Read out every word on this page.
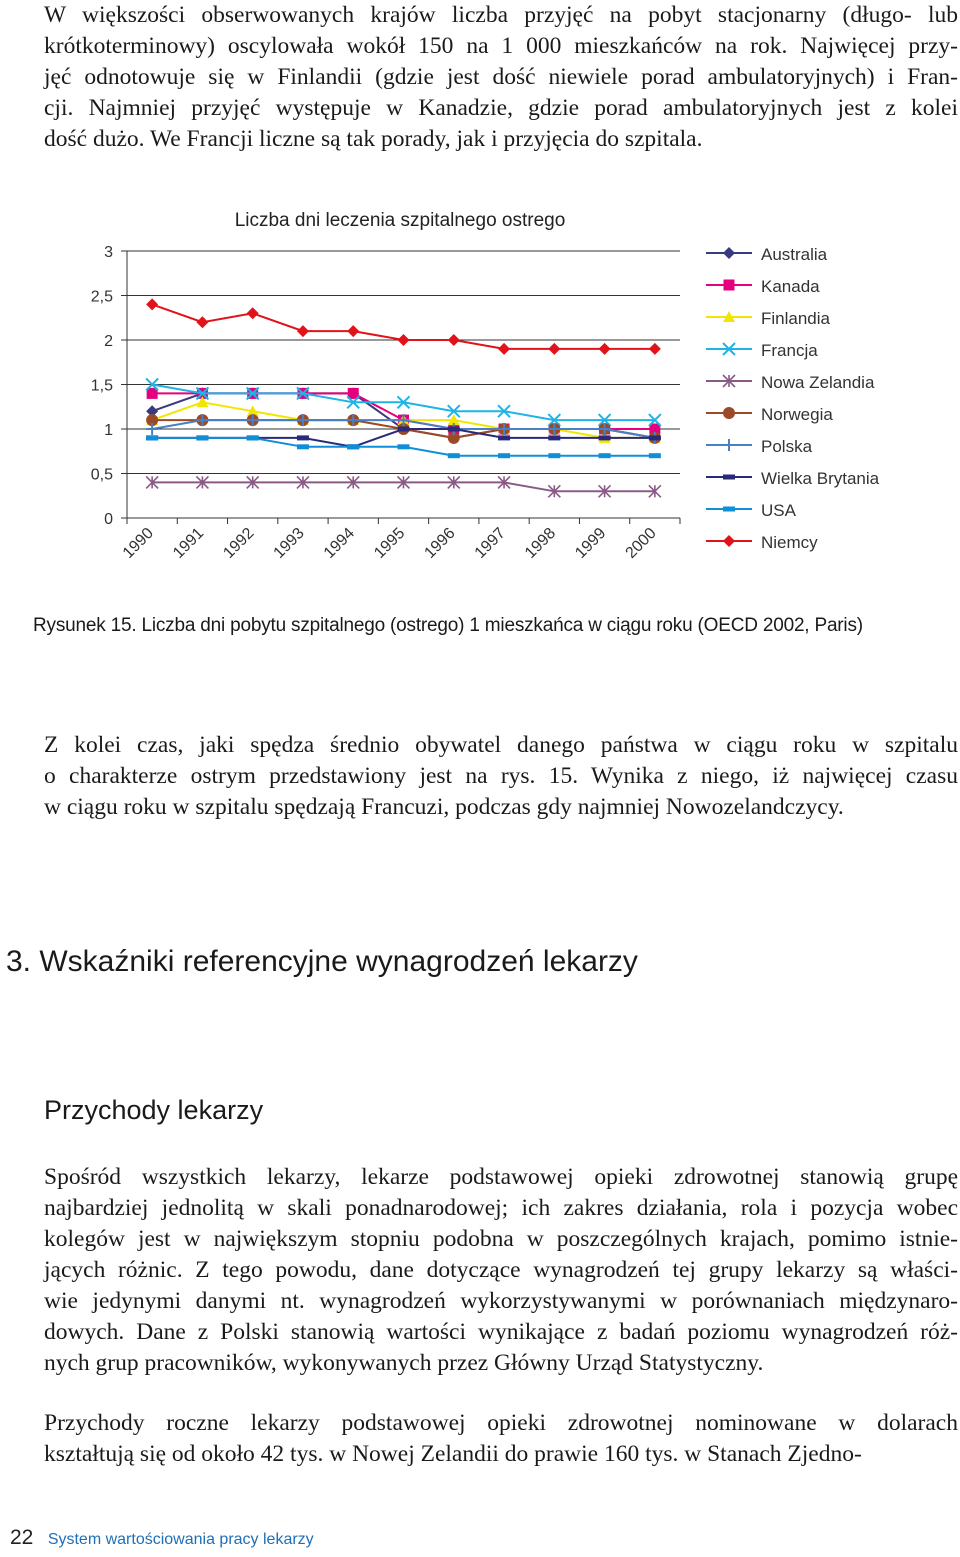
W większości obserwowanych krajów liczba przyjęć na pobyt stacjonarny (długo- lub
krótkoterminowy) oscylowała wokół 150 na 1 000 mieszkańców na rok. Najwięcej przy-
jęć odnotowuje się w Finlandii (gdzie jest dość niewiele porad ambulatoryjnych) i Fran-
cji. Najmniej przyjęć występuje w Kanadzie, gdzie porad ambulatoryjnych jest z kolei
dość dużo. We Francji liczne są tak porady, jak i przyjęcia do szpitala.
Liczba dni leczenia szpitalnego ostrego
0
0,5
1
1,5
2
2,5
3
1990 1991 1992 1993 1994 1995 1996 1997 1998 1999 2000
Australia
Kanada
Finlandia
Francja
Nowa Zelandia
Norwegia
Polska
Wielka Brytania
USA
Niemcy
Rysunek 15. Liczba dni pobytu szpitalnego (ostrego) 1 mieszkańca w ciągu roku (OECD 2002, Paris)
Z kolei czas, jaki spędza średnio obywatel danego państwa w ciągu roku w szpitalu
o charakterze ostrym przedstawiony jest na rys. 15. Wynika z niego, iż najwięcej czasu
w ciągu roku w szpitalu spędzają Francuzi, podczas gdy najmniej Nowozelandczycy.
3. Wskaźniki referencyjne wynagrodzeń lekarzy
Przychody lekarzy
Spośród wszystkich lekarzy, lekarze podstawowej opieki zdrowotnej stanowią grupę
najbardziej jednolitą w skali ponadnarodowej; ich zakres działania, rola i pozycja wobec
kolegów jest w największym stopniu podobna w poszczególnych krajach, pomimo istnie-
jących różnic. Z tego powodu, dane dotyczące wynagrodzeń tej grupy lekarzy są właści-
wie jedynymi danymi nt. wynagrodzeń wykorzystywanymi w porównaniach międzynaro-
dowych. Dane z Polski stanowią wartości wynikające z badań poziomu wynagrodzeń róż-
nych grup pracowników, wykonywanych przez Główny Urząd Statystyczny.
Przychody roczne lekarzy podstawowej opieki zdrowotnej nominowane w dolarach
kształtują się od około 42 tys. w Nowej Zelandii do prawie 160 tys. w Stanach Zjedno-
22 System wartościowania pracy lekarzy
